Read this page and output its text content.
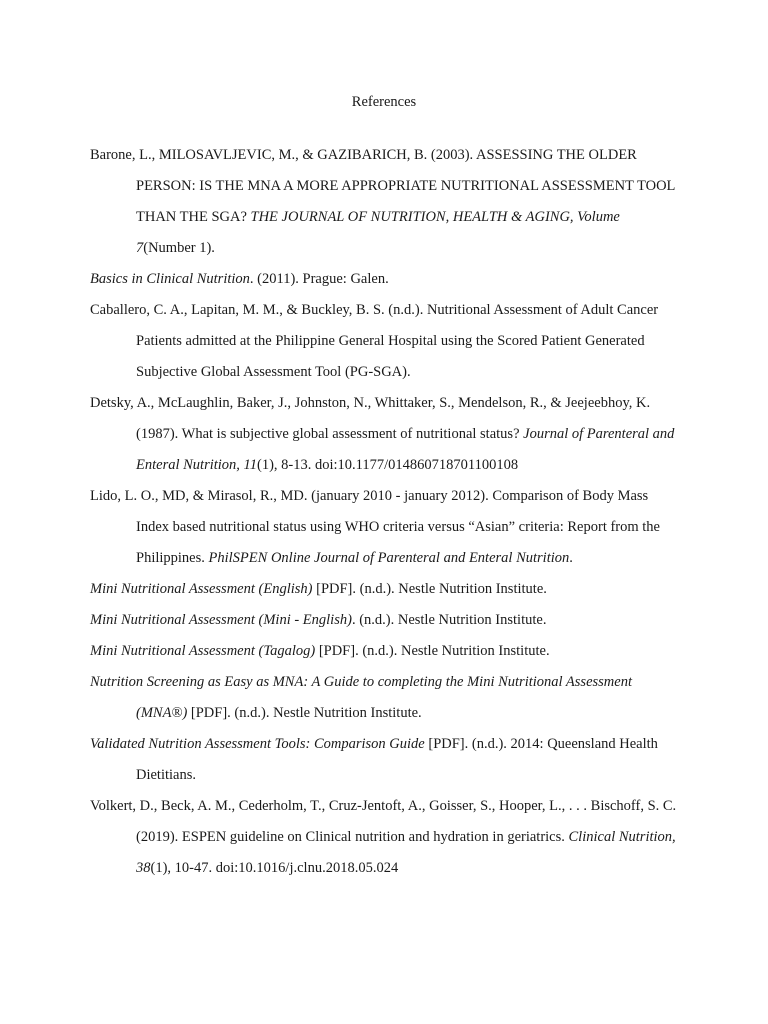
References

Barone, L., MILOSAVLJEVIC, M., & GAZIBARICH, B. (2003). ASSESSING THE OLDER PERSON: IS THE MNA A MORE APPROPRIATE NUTRITIONAL ASSESSMENT TOOL THAN THE SGA? THE JOURNAL OF NUTRITION, HEALTH & AGING, Volume 7(Number 1).

Basics in Clinical Nutrition. (2011). Prague: Galen.

Caballero, C. A., Lapitan, M. M., & Buckley, B. S. (n.d.). Nutritional Assessment of Adult Cancer Patients admitted at the Philippine General Hospital using the Scored Patient Generated Subjective Global Assessment Tool (PG-SGA).

Detsky, A., McLaughlin, Baker, J., Johnston, N., Whittaker, S., Mendelson, R., & Jeejeebhoy, K. (1987). What is subjective global assessment of nutritional status? Journal of Parenteral and Enteral Nutrition, 11(1), 8-13. doi:10.1177/014860718701100108

Lido, L. O., MD, & Mirasol, R., MD. (january 2010 - january 2012). Comparison of Body Mass Index based nutritional status using WHO criteria versus “Asian” criteria: Report from the Philippines. PhilSPEN Online Journal of Parenteral and Enteral Nutrition.

Mini Nutritional Assessment (English) [PDF]. (n.d.). Nestle Nutrition Institute.

Mini Nutritional Assessment (Mini - English). (n.d.). Nestle Nutrition Institute.

Mini Nutritional Assessment (Tagalog) [PDF]. (n.d.). Nestle Nutrition Institute.

Nutrition Screening as Easy as MNA: A Guide to completing the Mini Nutritional Assessment (MNA®) [PDF]. (n.d.). Nestle Nutrition Institute.

Validated Nutrition Assessment Tools: Comparison Guide [PDF]. (n.d.). 2014: Queensland Health Dietitians.

Volkert, D., Beck, A. M., Cederholm, T., Cruz-Jentoft, A., Goisser, S., Hooper, L., . . . Bischoff, S. C. (2019). ESPEN guideline on Clinical nutrition and hydration in geriatrics. Clinical Nutrition, 38(1), 10-47. doi:10.1016/j.clnu.2018.05.024
